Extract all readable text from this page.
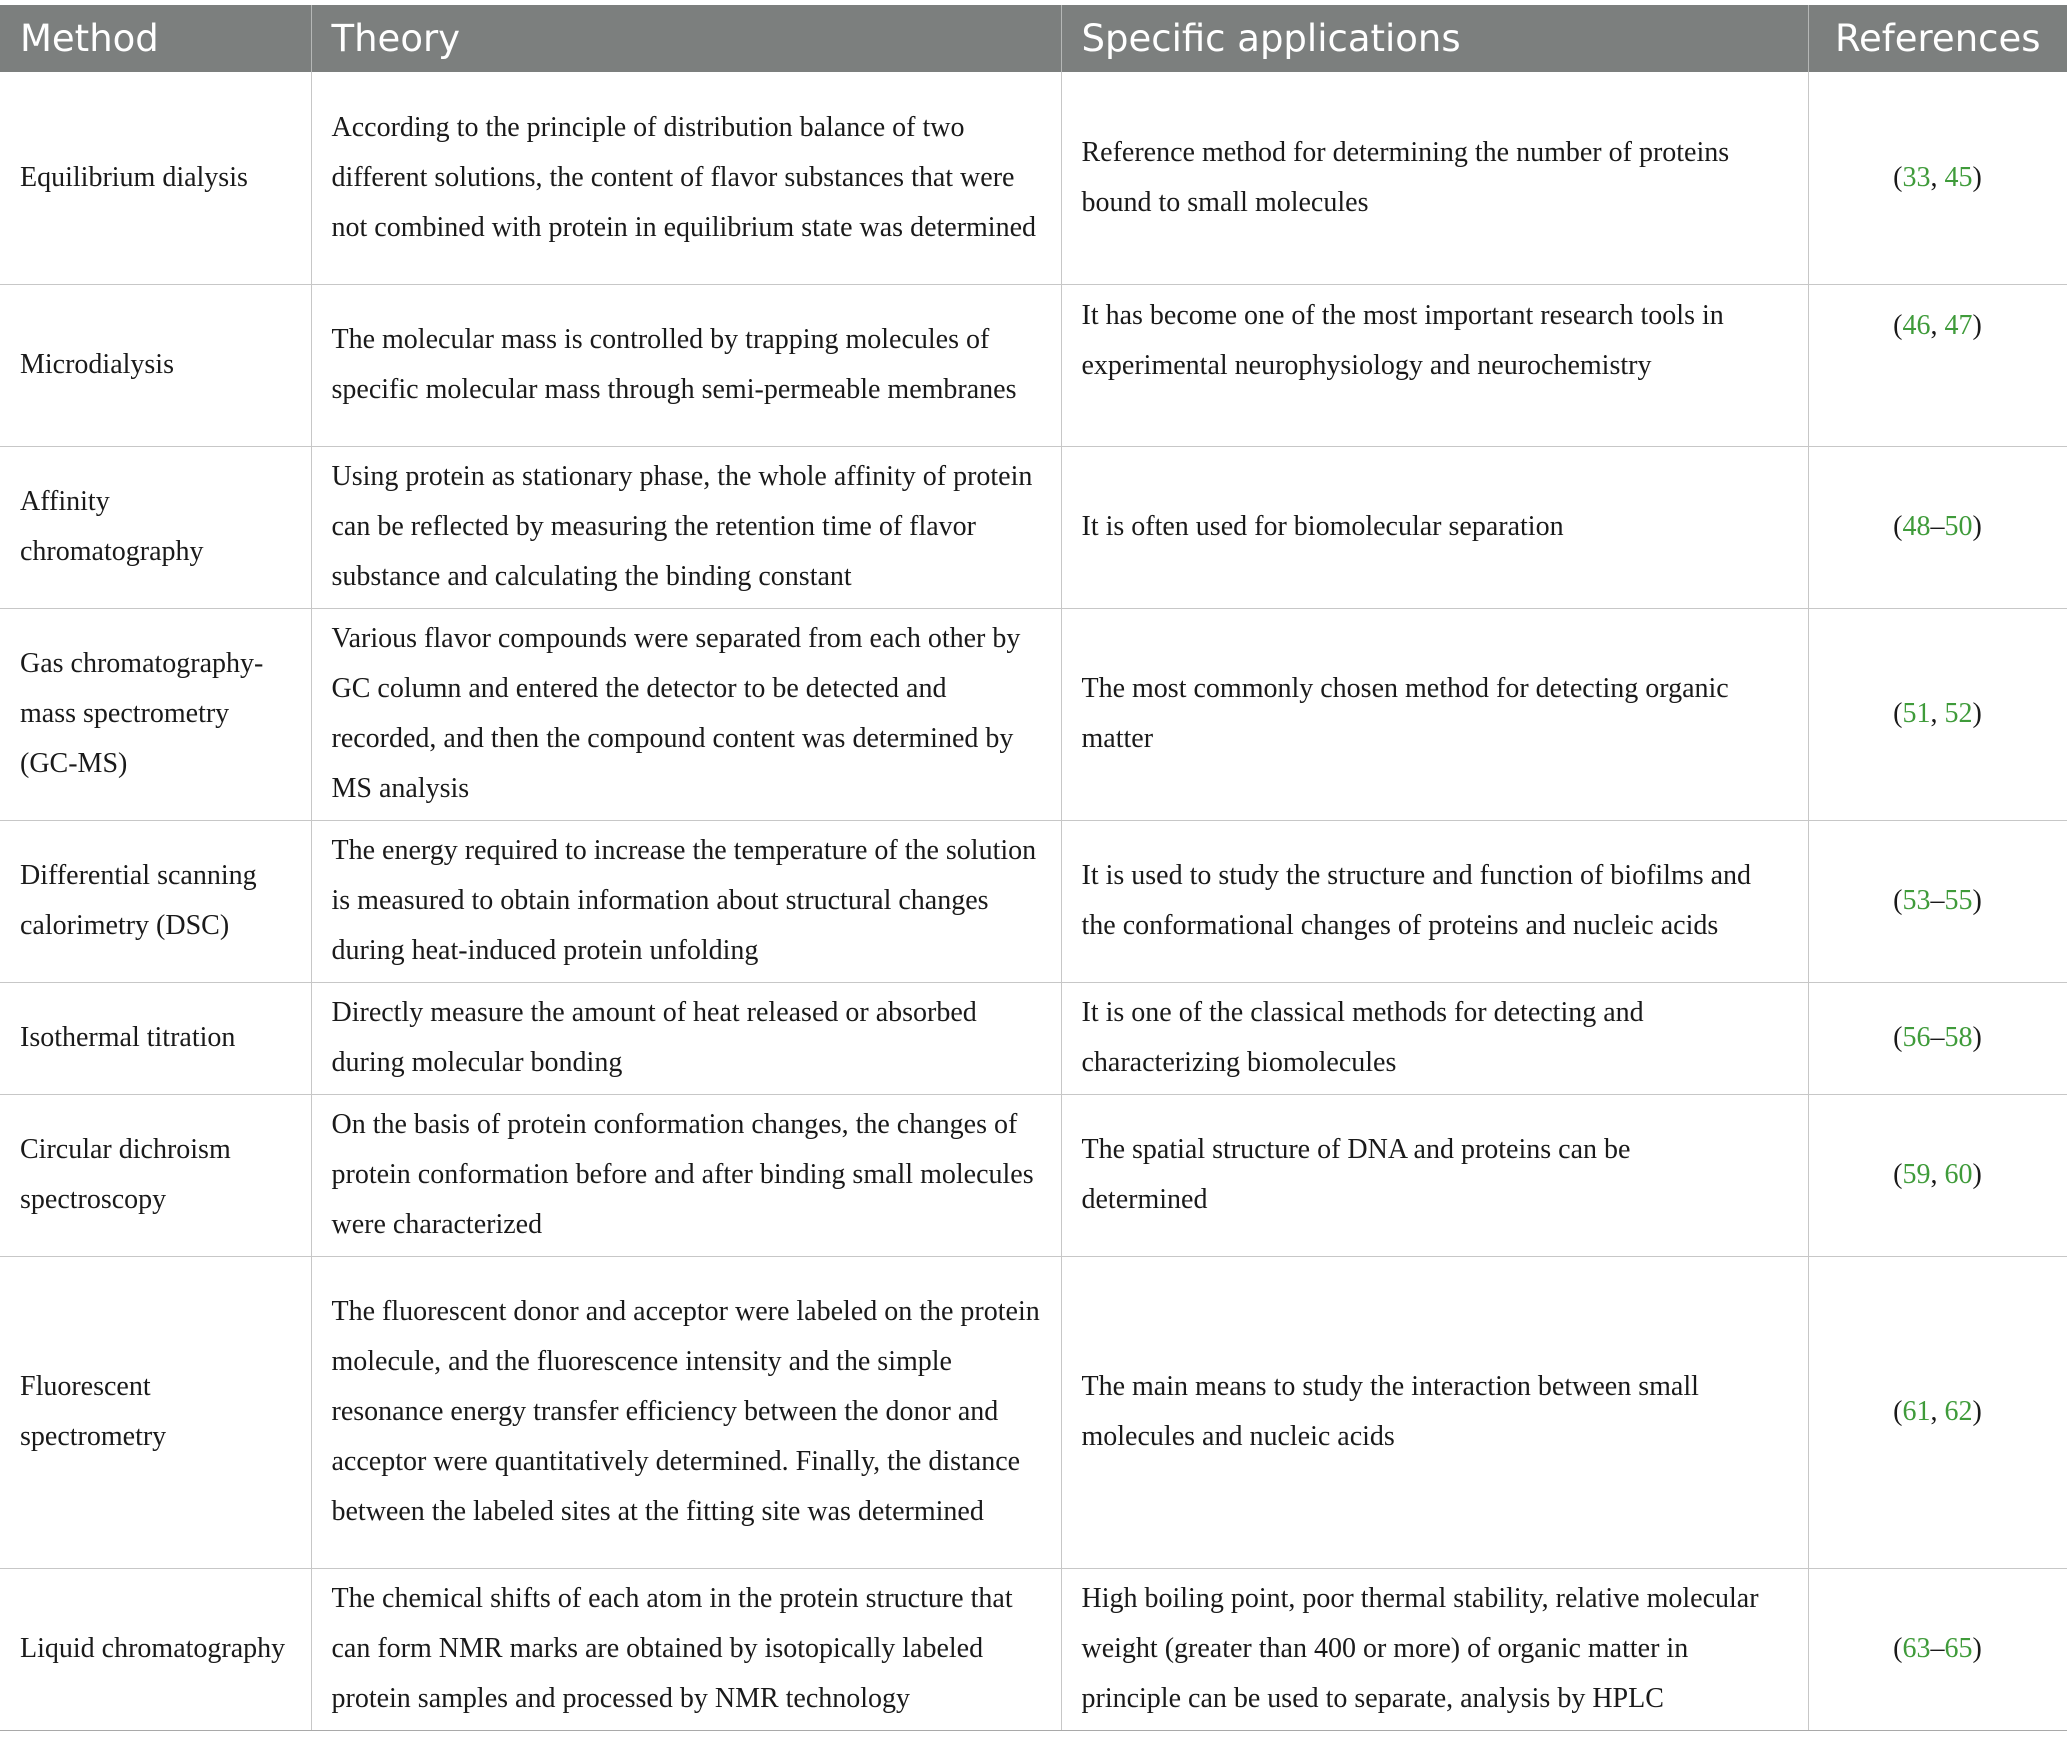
Method	Theory	Specific applications	References
Equilibrium dialysis	According to the principle of distribution balance of two different solutions, the content of flavor substances that were not combined with protein in equilibrium state was determined	Reference method for determining the number of proteins bound to small molecules	(33, 45)
Microdialysis	The molecular mass is controlled by trapping molecules of specific molecular mass through semi-permeable membranes	It has become one of the most important research tools in experimental neurophysiology and neurochemistry	(46, 47)
Affinity chromatography	Using protein as stationary phase, the whole affinity of protein can be reflected by measuring the retention time of flavor substance and calculating the binding constant	It is often used for biomolecular separation	(48–50)
Gas chromatography-mass spectrometry (GC-MS)	Various flavor compounds were separated from each other by GC column and entered the detector to be detected and recorded, and then the compound content was determined by MS analysis	The most commonly chosen method for detecting organic matter	(51, 52)
Differential scanning calorimetry (DSC)	The energy required to increase the temperature of the solution is measured to obtain information about structural changes during heat-induced protein unfolding	It is used to study the structure and function of biofilms and the conformational changes of proteins and nucleic acids	(53–55)
Isothermal titration	Directly measure the amount of heat released or absorbed during molecular bonding	It is one of the classical methods for detecting and characterizing biomolecules	(56–58)
Circular dichroism spectroscopy	On the basis of protein conformation changes, the changes of protein conformation before and after binding small molecules were characterized	The spatial structure of DNA and proteins can be determined	(59, 60)
Fluorescent spectrometry	The fluorescent donor and acceptor were labeled on the protein molecule, and the fluorescence intensity and the simple resonance energy transfer efficiency between the donor and acceptor were quantitatively determined. Finally, the distance between the labeled sites at the fitting site was determined	The main means to study the interaction between small molecules and nucleic acids	(61, 62)
Liquid chromatography	The chemical shifts of each atom in the protein structure that can form NMR marks are obtained by isotopically labeled protein samples and processed by NMR technology	High boiling point, poor thermal stability, relative molecular weight (greater than 400 or more) of organic matter in principle can be used to separate, analysis by HPLC	(63–65)
